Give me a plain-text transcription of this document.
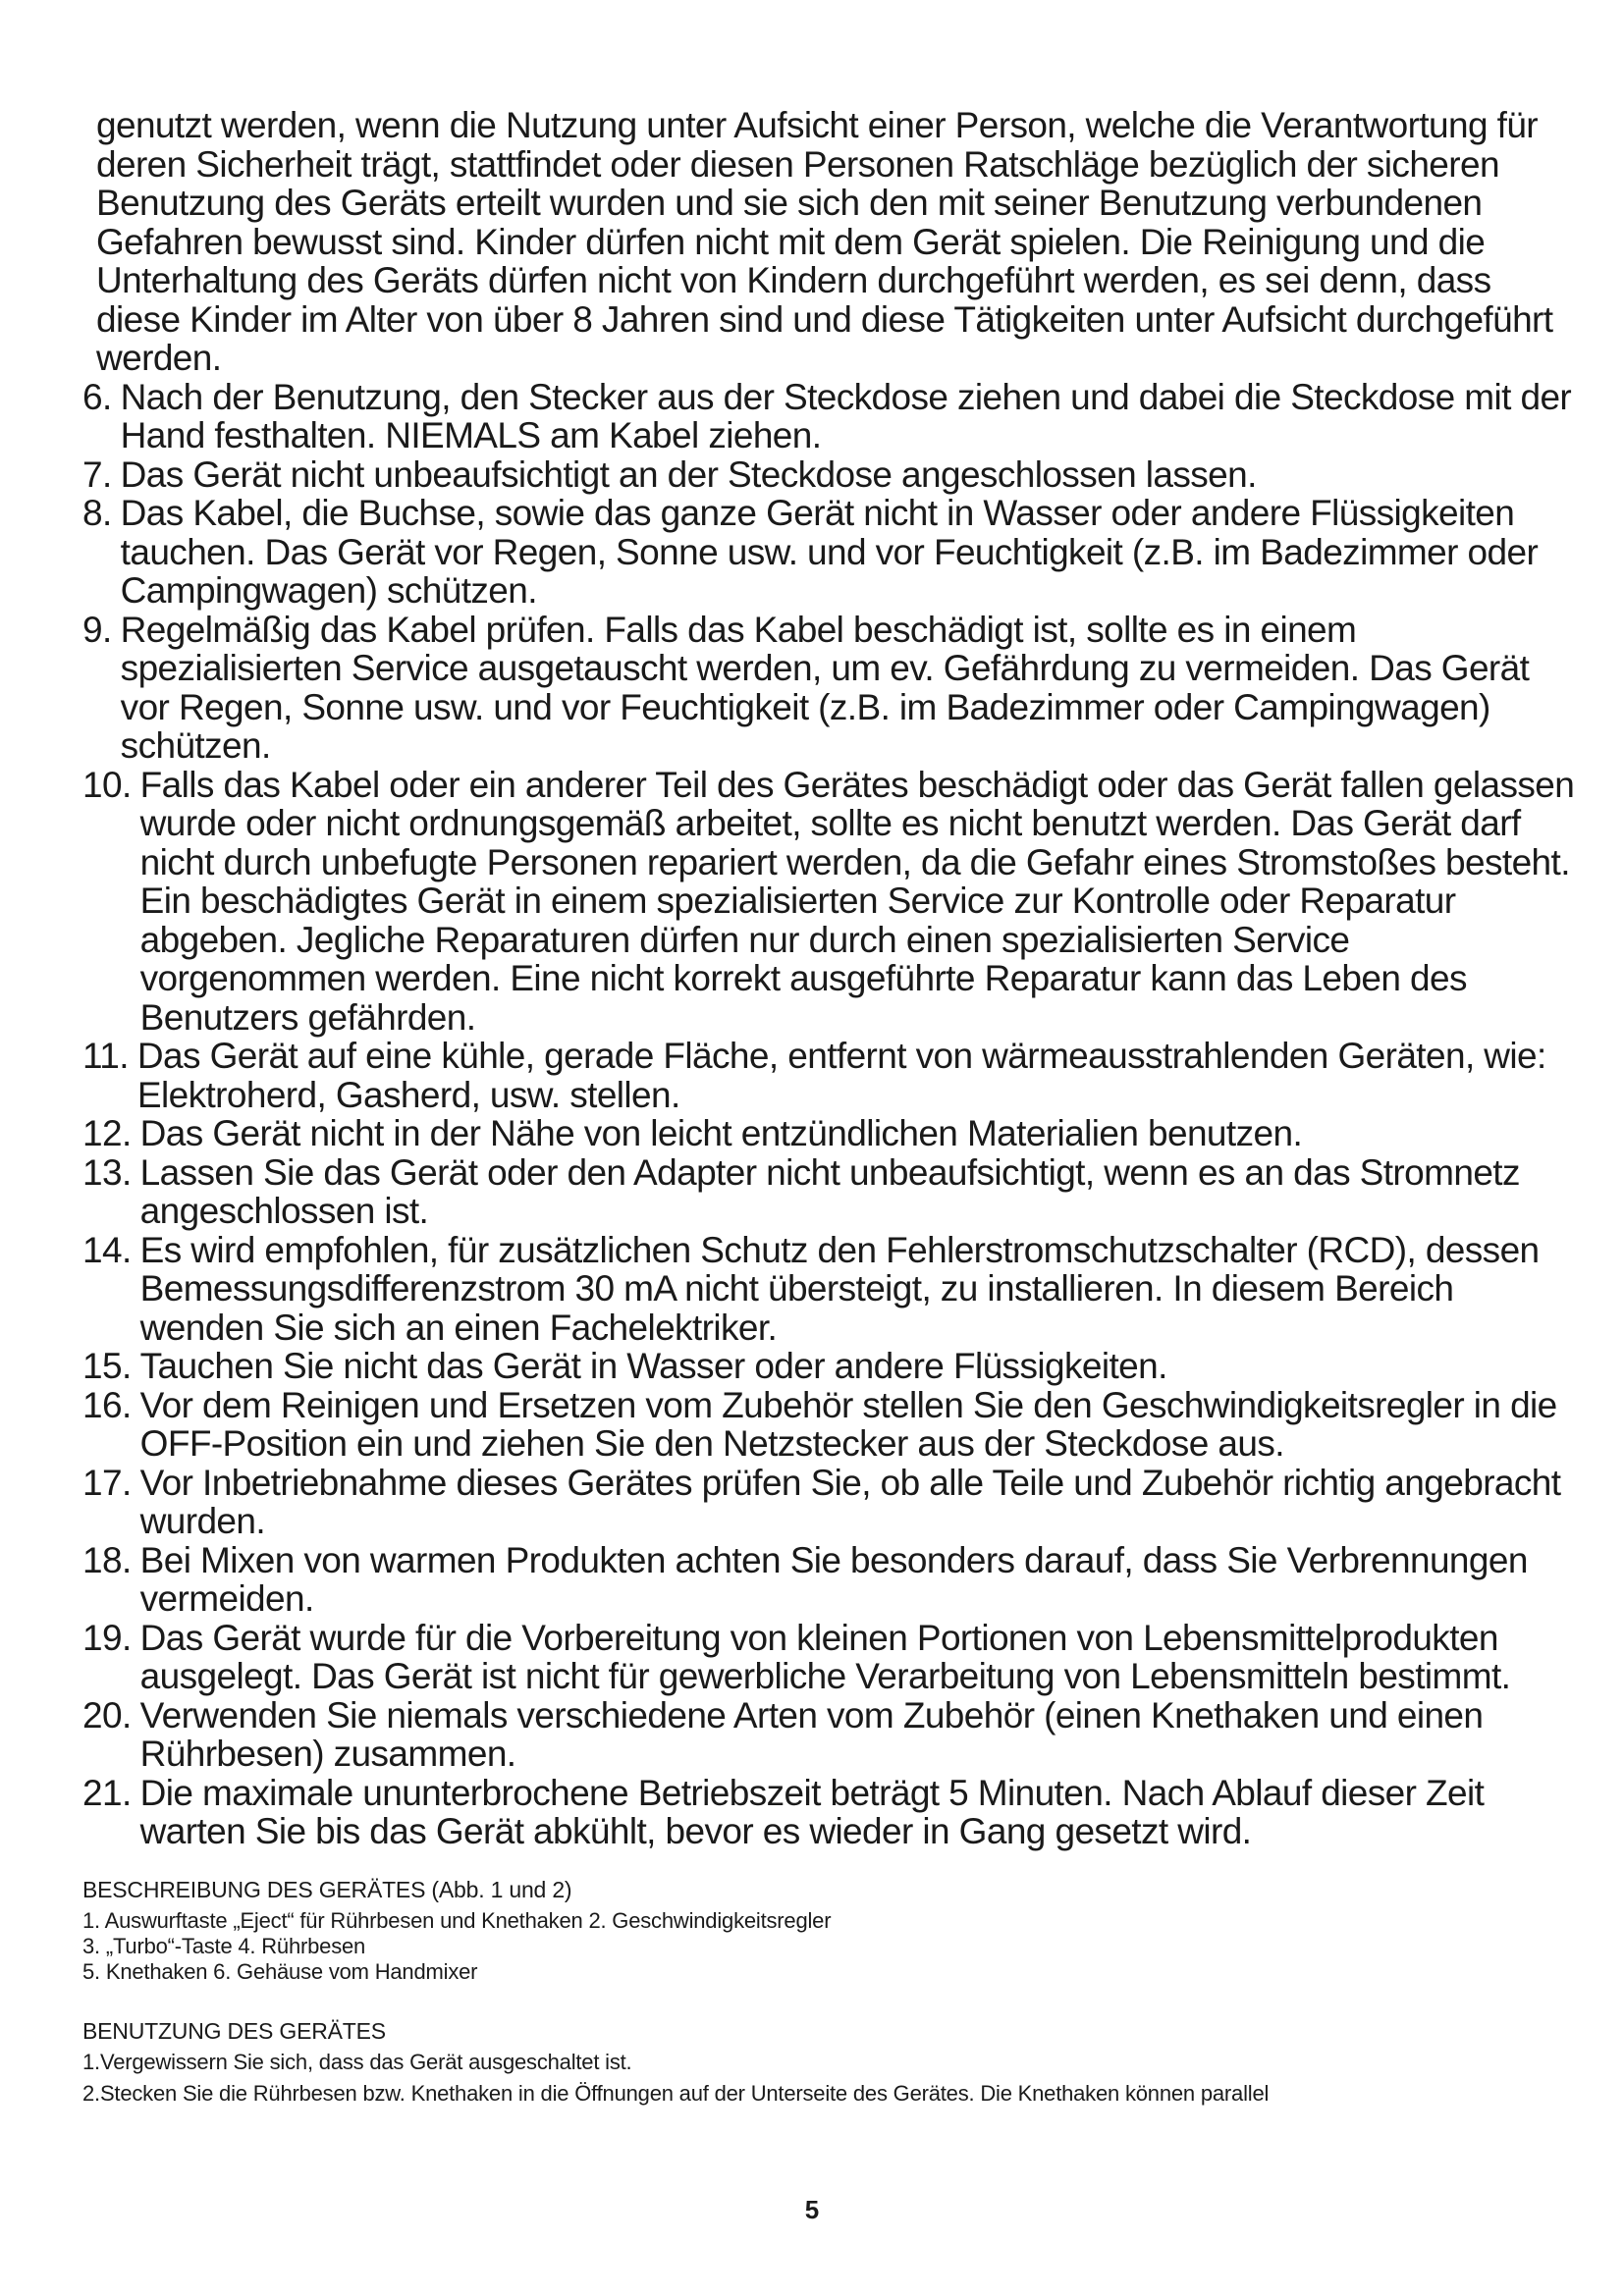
genutzt werden, wenn die Nutzung unter Aufsicht einer Person, welche die Verantwortung für deren Sicherheit trägt, stattfindet oder diesen Personen Ratschläge bezüglich der sicheren Benutzung des Geräts erteilt wurden und sie sich den mit seiner Benutzung verbundenen Gefahren bewusst sind. Kinder dürfen nicht mit dem Gerät spielen. Die Reinigung und die Unterhaltung des Geräts dürfen nicht von Kindern durchgeführt werden, es sei denn, dass diese Kinder im Alter von über 8 Jahren sind und diese Tätigkeiten unter Aufsicht durchgeführt werden.

6. Nach der Benutzung, den Stecker aus der Steckdose ziehen und dabei die Steckdose mit der Hand festhalten. NIEMALS am Kabel ziehen.
7. Das Gerät nicht unbeaufsichtigt an der Steckdose angeschlossen lassen.
8. Das Kabel, die Buchse, sowie das ganze Gerät nicht in Wasser oder andere Flüssigkeiten tauchen. Das Gerät vor Regen, Sonne usw. und vor Feuchtigkeit (z.B. im Badezimmer oder Campingwagen) schützen.
9. Regelmäßig das Kabel prüfen. Falls das Kabel beschädigt ist, sollte es in einem spezialisierten Service ausgetauscht werden, um ev. Gefährdung zu vermeiden. Das Gerät vor Regen, Sonne usw. und vor Feuchtigkeit (z.B. im Badezimmer oder Campingwagen) schützen.
10. Falls das Kabel oder ein anderer Teil des Gerätes beschädigt oder das Gerät fallen gelassen wurde oder nicht ordnungsgemäß arbeitet, sollte es nicht benutzt werden. Das Gerät darf nicht durch unbefugte Personen repariert werden, da die Gefahr eines Stromstoßes besteht. Ein beschädigtes Gerät in einem spezialisierten Service zur Kontrolle oder Reparatur abgeben. Jegliche Reparaturen dürfen nur durch einen spezialisierten Service vorgenommen werden. Eine nicht korrekt ausgeführte Reparatur kann das Leben des Benutzers gefährden.
11. Das Gerät auf eine kühle, gerade Fläche, entfernt von wärmeausstrahlenden Geräten, wie: Elektroherd, Gasherd, usw. stellen.
12. Das Gerät nicht in der Nähe von leicht entzündlichen Materialien benutzen.
13. Lassen Sie das Gerät oder den Adapter nicht unbeaufsichtigt, wenn es an das Stromnetz angeschlossen ist.
14. Es wird empfohlen, für zusätzlichen Schutz den Fehlerstromschutzschalter (RCD), dessen Bemessungsdifferenzstrom 30 mA nicht übersteigt, zu installieren. In diesem Bereich wenden Sie sich an einen Fachelektriker.
15. Tauchen Sie nicht das Gerät in Wasser oder andere Flüssigkeiten.
16. Vor dem Reinigen und Ersetzen vom Zubehör stellen Sie den Geschwindigkeitsregler in die OFF-Position ein und ziehen Sie den Netzstecker aus der Steckdose aus.
17. Vor Inbetriebnahme dieses Gerätes prüfen Sie, ob alle Teile und Zubehör richtig angebracht wurden.
18. Bei Mixen von warmen Produkten achten Sie besonders darauf, dass Sie Verbrennungen vermeiden.
19. Das Gerät wurde für die Vorbereitung von kleinen Portionen von Lebensmittelprodukten ausgelegt. Das Gerät ist nicht für gewerbliche Verarbeitung von Lebensmitteln bestimmt.
20. Verwenden Sie niemals verschiedene Arten vom Zubehör (einen Knethaken und einen Rührbesen) zusammen.
21. Die maximale ununterbrochene Betriebszeit beträgt 5 Minuten. Nach Ablauf dieser Zeit warten Sie bis das Gerät abkühlt, bevor es wieder in Gang gesetzt wird.

BESCHREIBUNG DES GERÄTES (Abb. 1 und 2)

1. Auswurftaste „Eject“ für Rührbesen und Knethaken 2. Geschwindigkeitsregler

3. „Turbo“-Taste 4. Rührbesen

5. Knethaken 6. Gehäuse vom Handmixer

BENUTZUNG DES GERÄTES

1.Vergewissern Sie sich, dass das Gerät ausgeschaltet ist.

2.Stecken Sie die Rührbesen bzw. Knethaken in die Öffnungen auf der Unterseite des Gerätes. Die Knethaken können parallel

5
